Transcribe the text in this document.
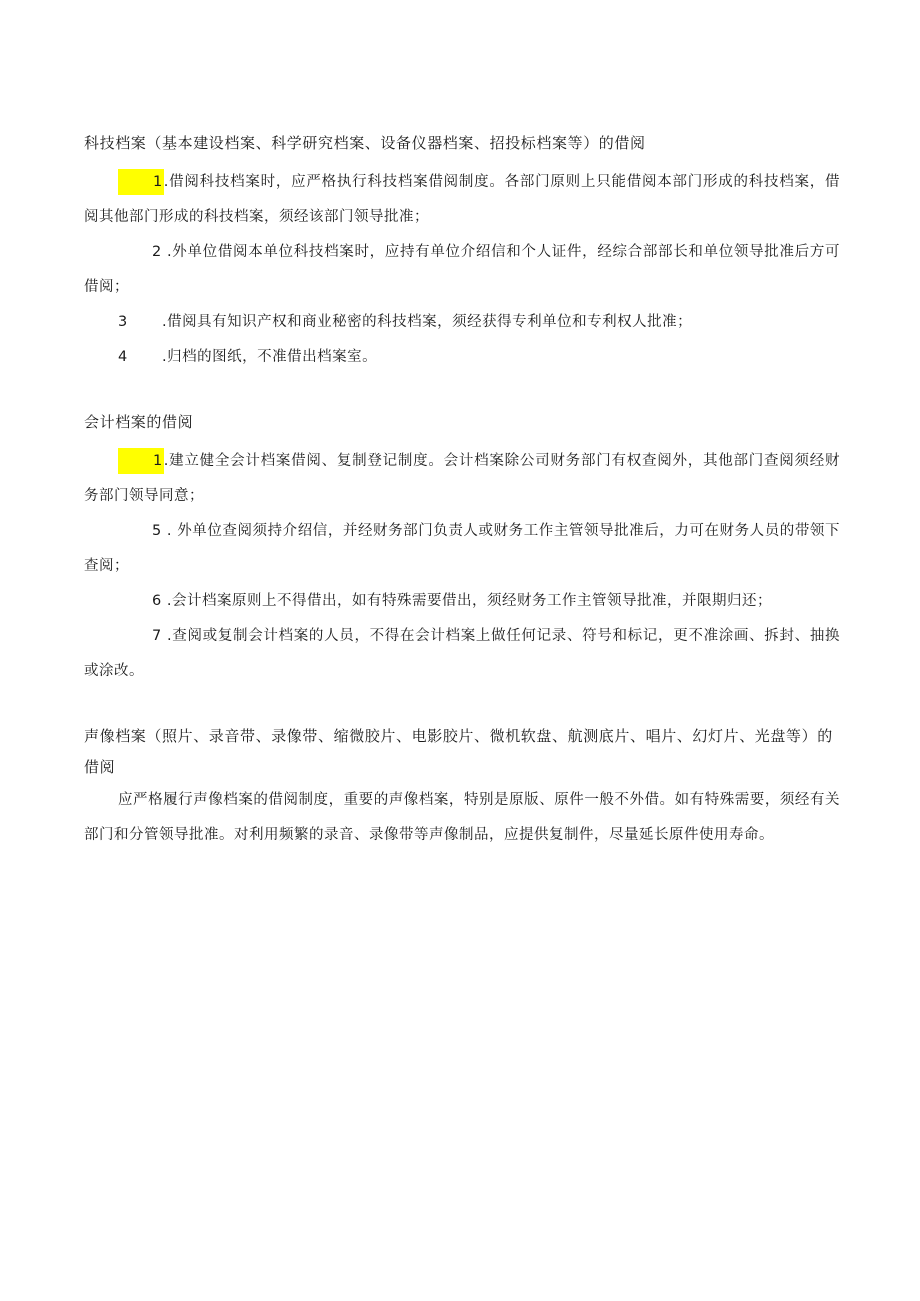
科技档案（基本建设档案、科学研究档案、设备仪器档案、招投标档案等）的借阅

1.借阅科技档案时，应严格执行科技档案借阅制度。各部门原则上只能借阅本部门形成的科技档案，借阅其他部门形成的科技档案，须经该部门领导批准；

2 .外单位借阅本单位科技档案时，应持有单位介绍信和个人证件，经综合部部长和单位领导批准后方可借阅；

3 .借阅具有知识产权和商业秘密的科技档案，须经获得专利单位和专利权人批准；

4 .归档的图纸，不准借出档案室。

会计档案的借阅

1.建立健全会计档案借阅、复制登记制度。会计档案除公司财务部门有权查阅外，其他部门查阅须经财务部门领导同意；

5 . 外单位查阅须持介绍信，并经财务部门负责人或财务工作主管领导批准后，力可在财务人员的带领下查阅；

6 .会计档案原则上不得借出，如有特殊需要借出，须经财务工作主管领导批准，并限期归还；

7 .查阅或复制会计档案的人员，不得在会计档案上做任何记录、符号和标记，更不准涂画、拆封、抽换或涂改。

声像档案（照片、录音带、录像带、缩微胶片、电影胶片、微机软盘、航测底片、唱片、幻灯片、光盘等）的借阅

应严格履行声像档案的借阅制度，重要的声像档案，特别是原版、原件一般不外借。如有特殊需要，须经有关部门和分管领导批准。对利用频繁的录音、录像带等声像制品，应提供复制件，尽量延长原件使用寿命。
